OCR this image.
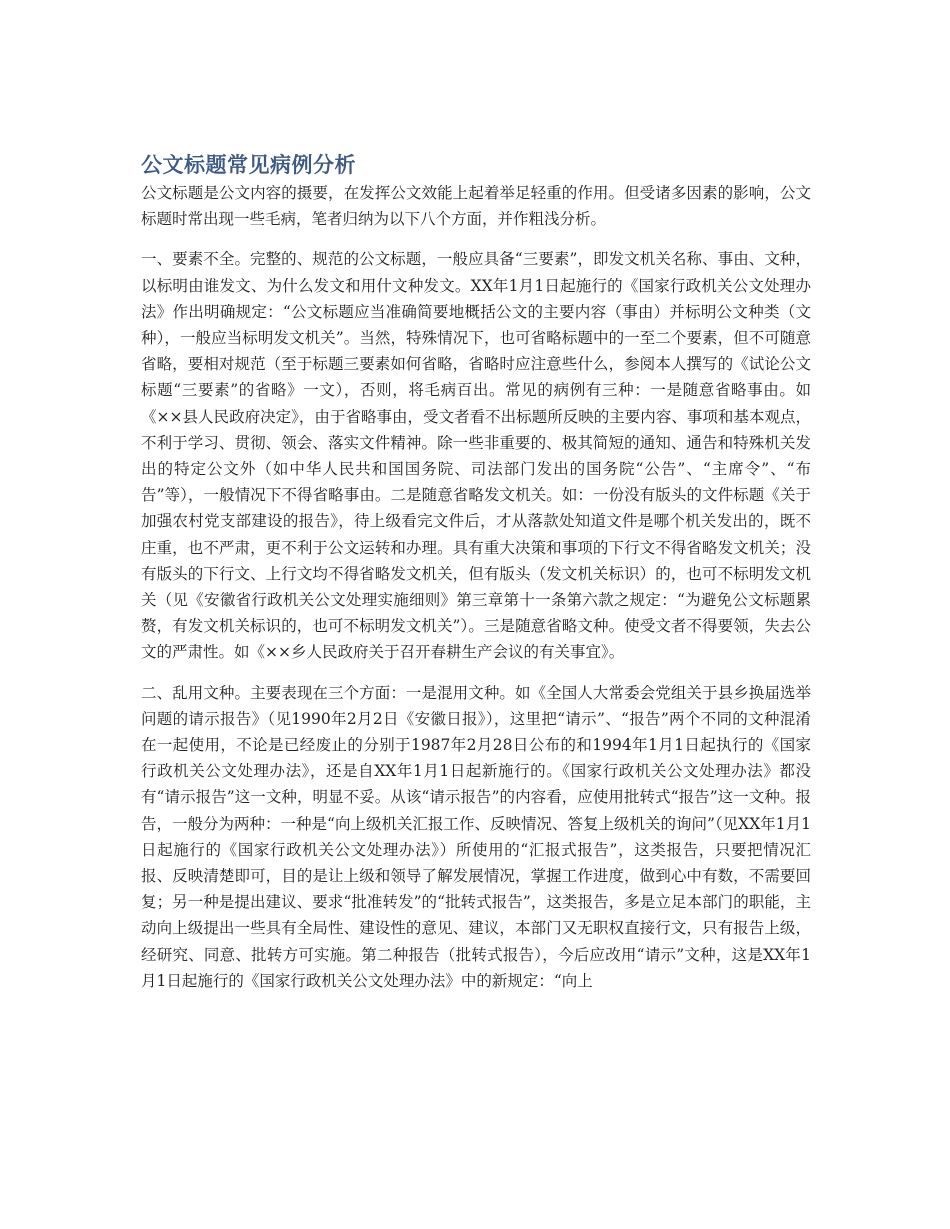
公文标题常见病例分析

公文标题是公文内容的摄要，在发挥公文效能上起着举足轻重的作用。但受诸多因素的影响，公文标题时常出现一些毛病，笔者归纳为以下八个方面，并作粗浅分析。

一、要素不全。完整的、规范的公文标题，一般应具备“三要素”，即发文机关名称、事由、文种，以标明由谁发文、为什么发文和用什文种发文。XX年1月1日起施行的《国家行政机关公文处理办法》作出明确规定：“公文标题应当准确简要地概括公文的主要内容（事由）并标明公文种类（文种），一般应当标明发文机关”。当然，特殊情况下，也可省略标题中的一至二个要素，但不可随意省略，要相对规范（至于标题三要素如何省略，省略时应注意些什么，参阅本人撰写的《试论公文标题“三要素”的省略》一文），否则，将毛病百出。常见的病例有三种：一是随意省略事由。如《××县人民政府决定》，由于省略事由，受文者看不出标题所反映的主要内容、事项和基本观点，不利于学习、贯彻、领会、落实文件精神。除一些非重要的、极其简短的通知、通告和特殊机关发出的特定公文外（如中华人民共和国国务院、司法部门发出的国务院“公告”、“主席令”、“布告”等），一般情况下不得省略事由。二是随意省略发文机关。如：一份没有版头的文件标题《关于加强农村党支部建设的报告》，待上级看完文件后，才从落款处知道文件是哪个机关发出的，既不庄重，也不严肃，更不利于公文运转和办理。具有重大决策和事项的下行文不得省略发文机关；没有版头的下行文、上行文均不得省略发文机关，但有版头（发文机关标识）的，也可不标明发文机关（见《安徽省行政机关公文处理实施细则》第三章第十一条第六款之规定：“为避免公文标题累赘，有发文机关标识的，也可不标明发文机关”）。三是随意省略文种。使受文者不得要领，失去公文的严肃性。如《××乡人民政府关于召开春耕生产会议的有关事宜》。

二、乱用文种。主要表现在三个方面：一是混用文种。如《全国人大常委会党组关于县乡换届选举问题的请示报告》（见1990年2月2日《安徽日报》），这里把“请示”、“报告”两个不同的文种混淆在一起使用，不论是已经废止的分别于1987年2月28日公布的和1994年1月1日起执行的《国家行政机关公文处理办法》，还是自XX年1月1日起新施行的。《国家行政机关公文处理办法》都没有“请示报告”这一文种，明显不妥。从该“请示报告”的内容看，应使用批转式“报告”这一文种。报告，一般分为两种：一种是“向上级机关汇报工作、反映情况、答复上级机关的询问”（见XX年1月1日起施行的《国家行政机关公文处理办法》）所使用的“汇报式报告”，这类报告，只要把情况汇报、反映清楚即可，目的是让上级和领导了解发展情况，掌握工作进度，做到心中有数，不需要回复；另一种是提出建议、要求“批准转发”的“批转式报告”，这类报告，多是立足本部门的职能，主动向上级提出一些具有全局性、建设性的意见、建议，本部门又无职权直接行文，只有报告上级，经研究、同意、批转方可实施。第二种报告（批转式报告），今后应改用“请示”文种，这是XX年1月1日起施行的《国家行政机关公文处理办法》中的新规定：“向上
